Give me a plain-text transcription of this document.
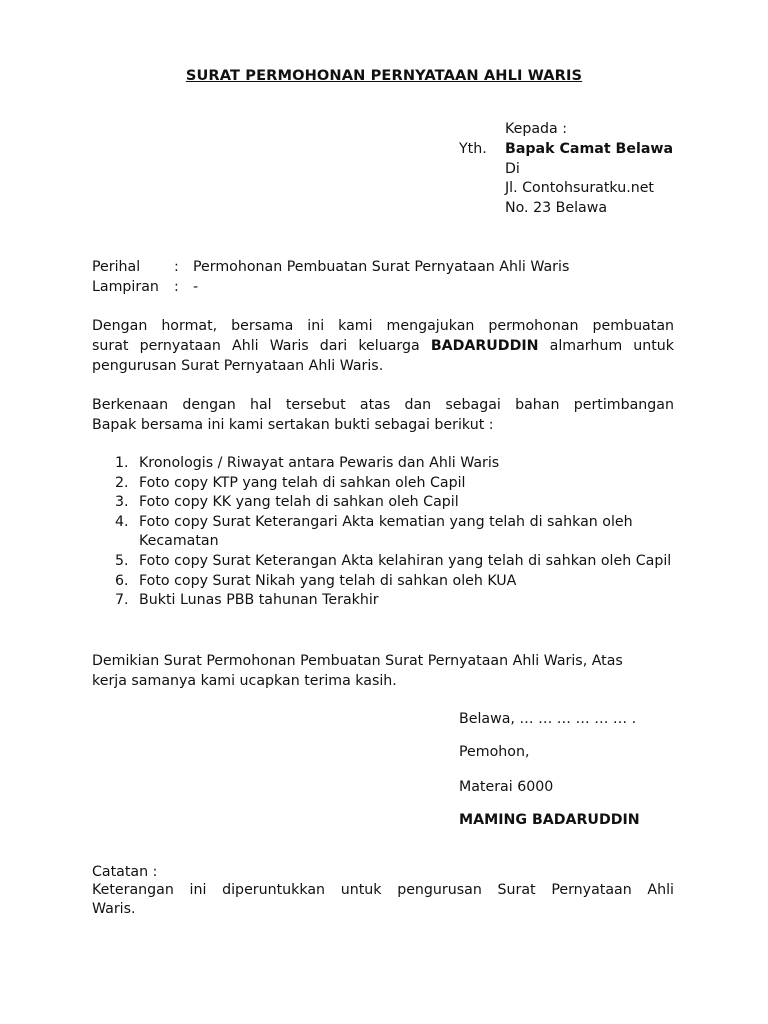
SURAT PERMOHONAN PERNYATAAN AHLI WARIS
Kepada :
Yth. Bapak Camat Belawa
Di
Jl. Contohsuratku.net
No. 23 Belawa
Perihal : Permohonan Pembuatan Surat Pernyataan Ahli Waris
Lampiran : -
Dengan hormat, bersama ini kami mengajukan permohonan pembuatan
surat pernyataan Ahli Waris dari keluarga BADARUDDIN almarhum untuk
pengurusan Surat Pernyataan Ahli Waris.
Berkenaan dengan hal tersebut atas dan sebagai bahan pertimbangan
Bapak bersama ini kami sertakan bukti sebagai berikut :
1. Kronologis / Riwayat antara Pewaris dan Ahli Waris
2. Foto copy KTP yang telah di sahkan oleh Capil
3. Foto copy KK yang telah di sahkan oleh Capil
4. Foto copy Surat Keterangari Akta kematian yang telah di sahkan oleh Kecamatan
5. Foto copy Surat Keterangan Akta kelahiran yang telah di sahkan oleh Capil
6. Foto copy Surat Nikah yang telah di sahkan oleh KUA
7. Bukti Lunas PBB tahunan Terakhir
Demikian Surat Permohonan Pembuatan Surat Pernyataan Ahli Waris, Atas
kerja samanya kami ucapkan terima kasih.
Belawa, … … … … … … .
Pemohon,
Materai 6000
MAMING BADARUDDIN
Catatan :
Keterangan ini diperuntukkan untuk pengurusan Surat Pernyataan Ahli
Waris.
